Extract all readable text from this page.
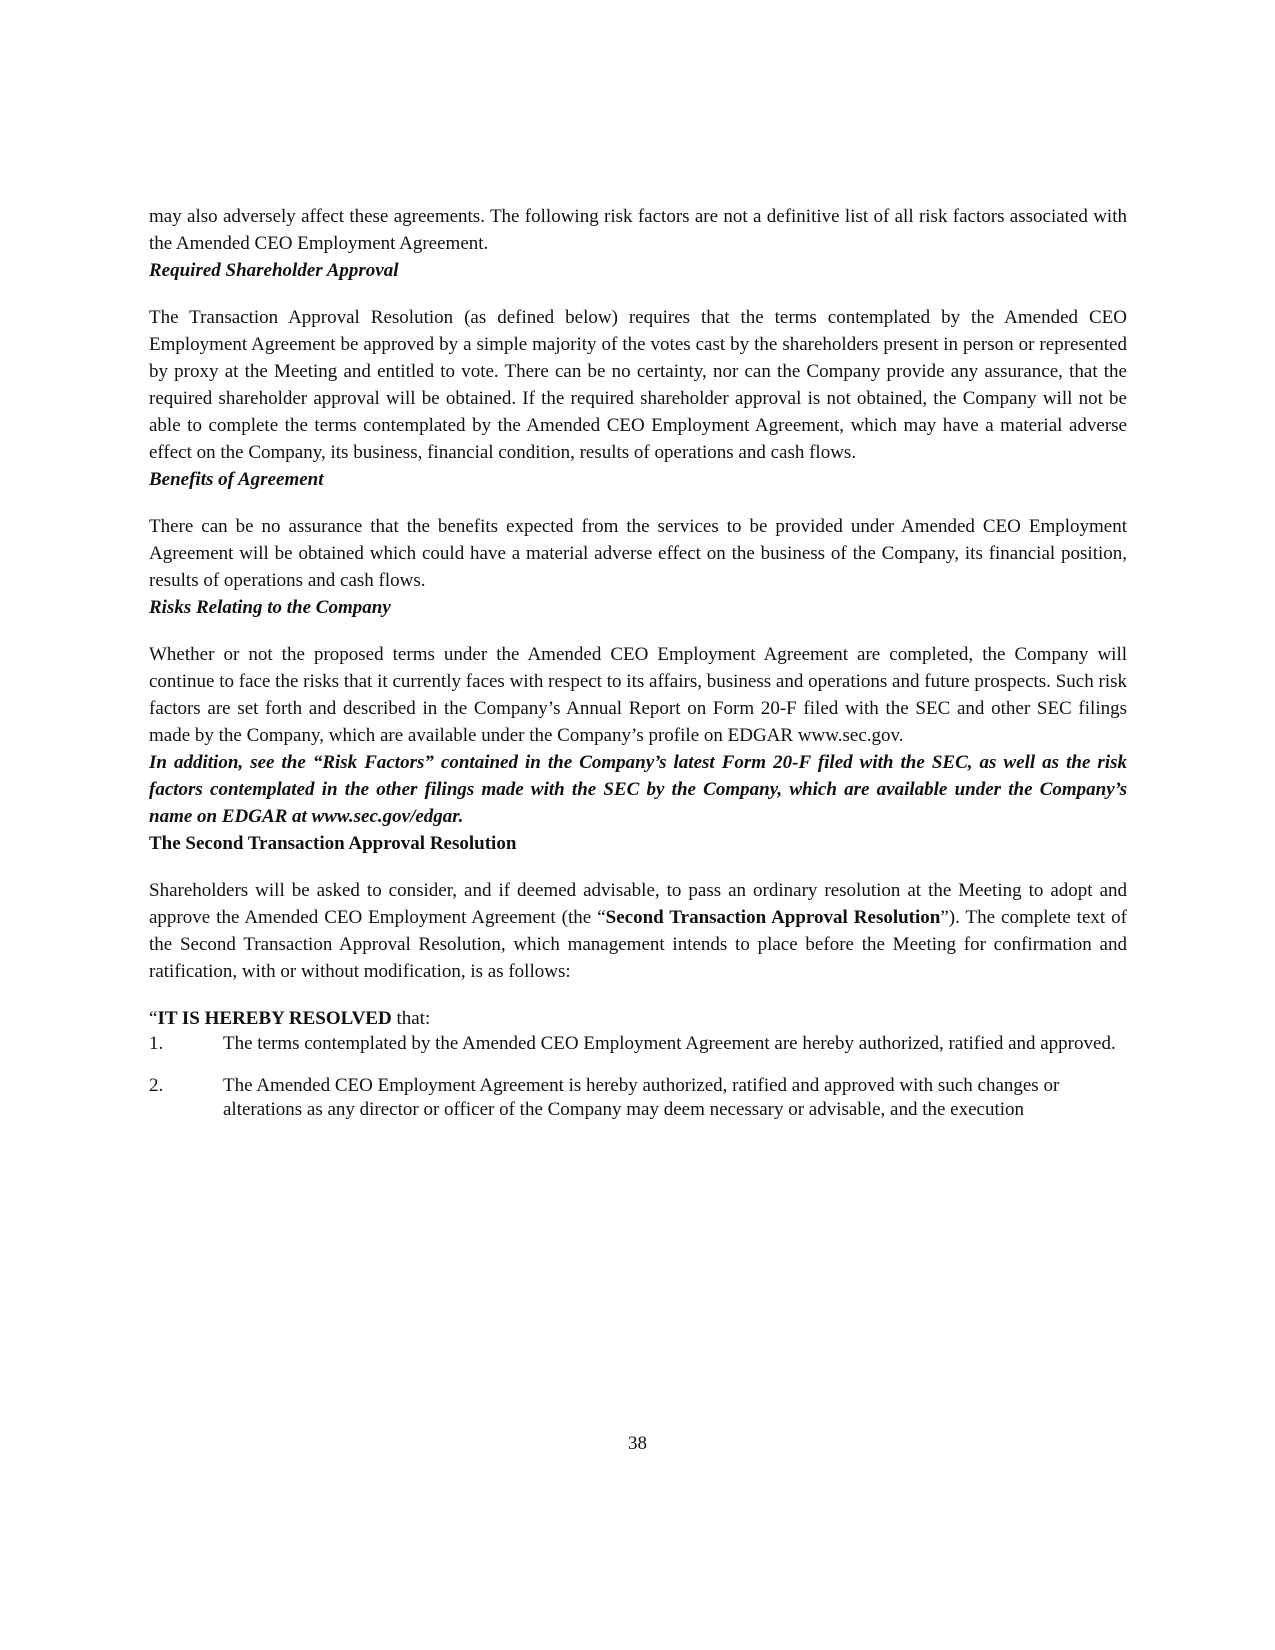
may also adversely affect these agreements. The following risk factors are not a definitive list of all risk factors associated with the Amended CEO Employment Agreement.

Required Shareholder Approval

The Transaction Approval Resolution (as defined below) requires that the terms contemplated by the Amended CEO Employment Agreement be approved by a simple majority of the votes cast by the shareholders present in person or represented by proxy at the Meeting and entitled to vote. There can be no certainty, nor can the Company provide any assurance, that the required shareholder approval will be obtained. If the required shareholder approval is not obtained, the Company will not be able to complete the terms contemplated by the Amended CEO Employment Agreement, which may have a material adverse effect on the Company, its business, financial condition, results of operations and cash flows.

Benefits of Agreement

There can be no assurance that the benefits expected from the services to be provided under Amended CEO Employment Agreement will be obtained which could have a material adverse effect on the business of the Company, its financial position, results of operations and cash flows.

Risks Relating to the Company

Whether or not the proposed terms under the Amended CEO Employment Agreement are completed, the Company will continue to face the risks that it currently faces with respect to its affairs, business and operations and future prospects. Such risk factors are set forth and described in the Company’s Annual Report on Form 20-F filed with the SEC and other SEC filings made by the Company, which are available under the Company’s profile on EDGAR www.sec.gov.

In addition, see the “Risk Factors” contained in the Company’s latest Form 20-F filed with the SEC, as well as the risk factors contemplated in the other filings made with the SEC by the Company, which are available under the Company’s name on EDGAR at www.sec.gov/edgar.

The Second Transaction Approval Resolution

Shareholders will be asked to consider, and if deemed advisable, to pass an ordinary resolution at the Meeting to adopt and approve the Amended CEO Employment Agreement (the “Second Transaction Approval Resolution”). The complete text of the Second Transaction Approval Resolution, which management intends to place before the Meeting for confirmation and ratification, with or without modification, is as follows:

“IT IS HEREBY RESOLVED that:

1.	The terms contemplated by the Amended CEO Employment Agreement are hereby authorized, ratified and approved.
2.	The Amended CEO Employment Agreement is hereby authorized, ratified and approved with such changes or alterations as any director or officer of the Company may deem necessary or advisable, and the execution
38
